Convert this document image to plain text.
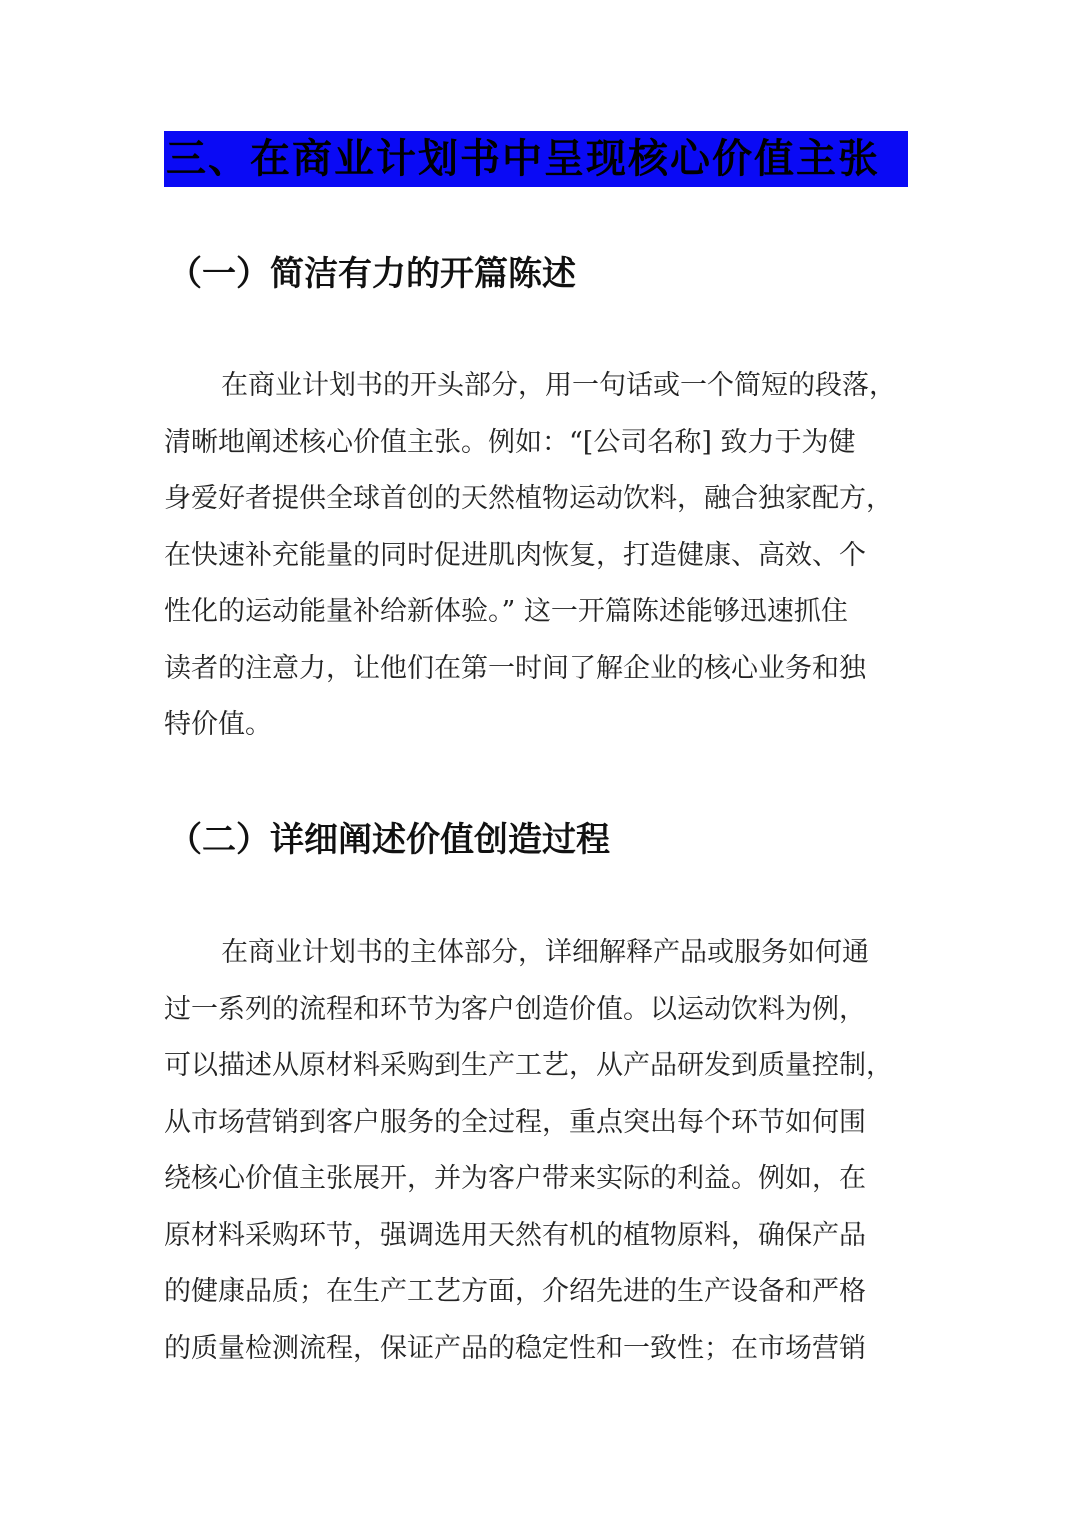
三、在商业计划书中呈现核心价值主张
（一）简洁有力的开篇陈述
在商业计划书的开头部分，用一句话或一个简短的段落，
清晰地阐述核心价值主张。例如：“[公司名称] 致力于为健
身爱好者提供全球首创的天然植物运动饮料，融合独家配方，
在快速补充能量的同时促进肌肉恢复，打造健康、高效、个
性化的运动能量补给新体验。” 这一开篇陈述能够迅速抓住
读者的注意力，让他们在第一时间了解企业的核心业务和独
特价值。
（二）详细阐述价值创造过程
在商业计划书的主体部分，详细解释产品或服务如何通
过一系列的流程和环节为客户创造价值。以运动饮料为例，
可以描述从原材料采购到生产工艺，从产品研发到质量控制，
从市场营销到客户服务的全过程，重点突出每个环节如何围
绕核心价值主张展开，并为客户带来实际的利益。例如，在
原材料采购环节，强调选用天然有机的植物原料，确保产品
的健康品质；在生产工艺方面，介绍先进的生产设备和严格
的质量检测流程，保证产品的稳定性和一致性；在市场营销
